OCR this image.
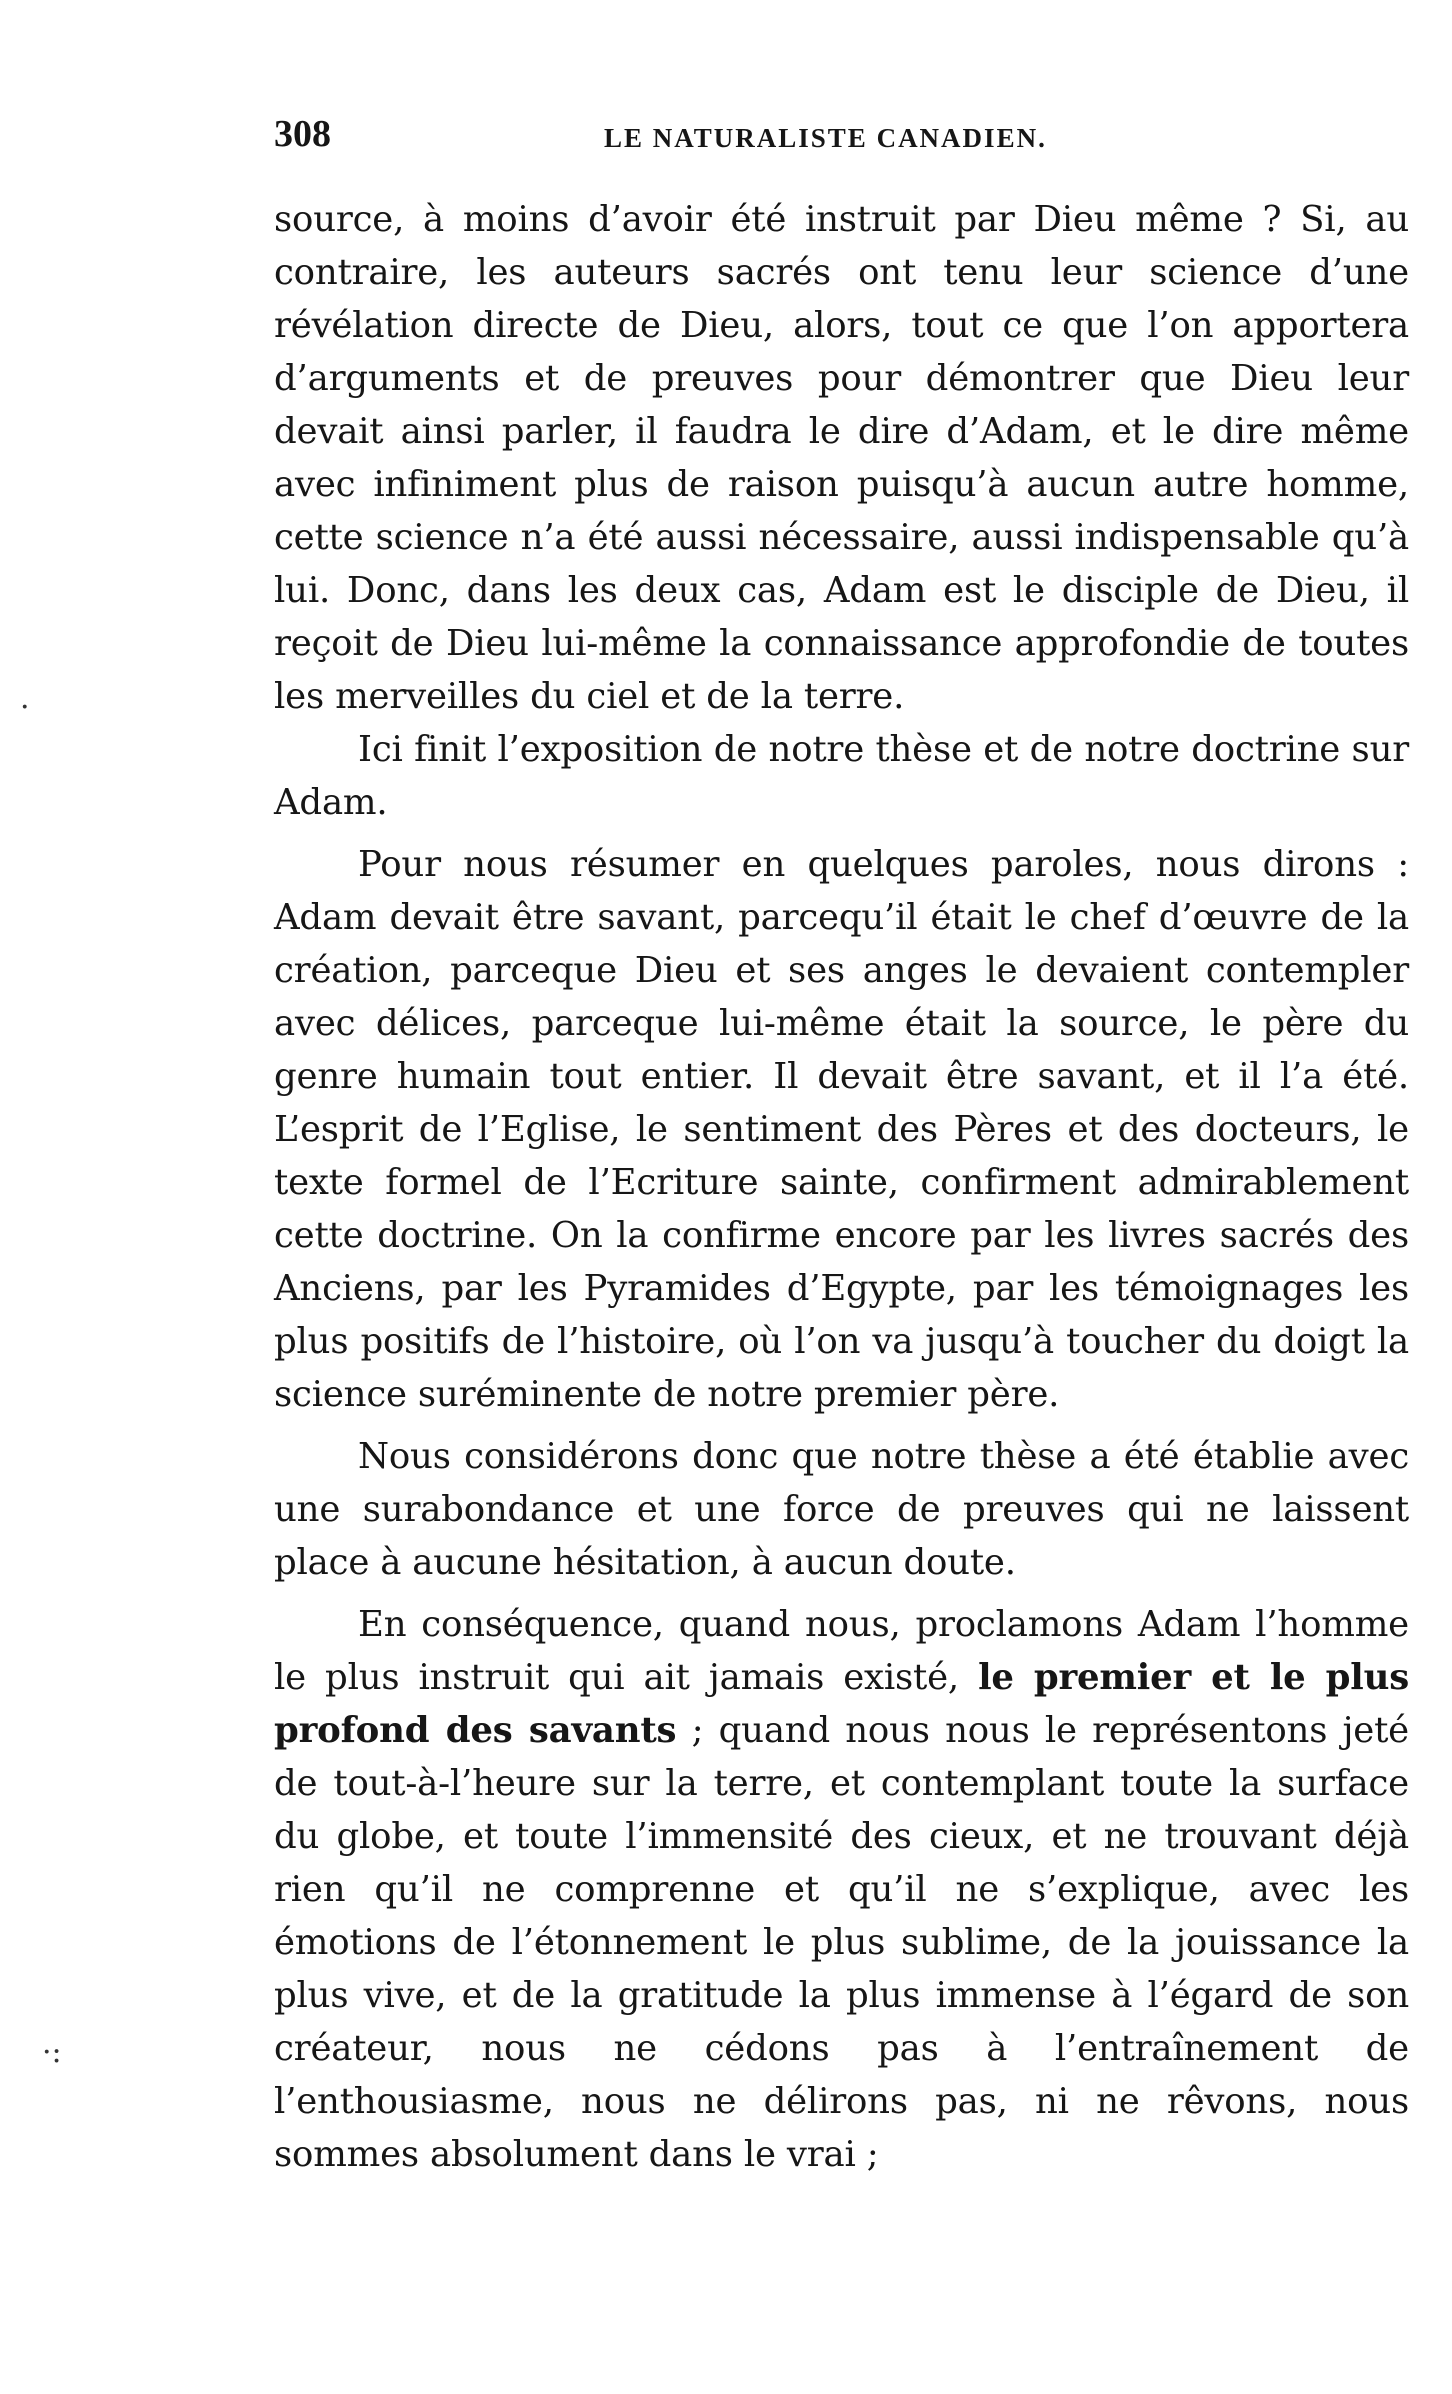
308	LE NATURALISTE CANADIEN.

source, à moins d’avoir été instruit par Dieu même ? Si, au contraire, les auteurs sacrés ont tenu leur science d’une révélation directe de Dieu, alors, tout ce que l’on apportera d’arguments et de preuves pour démontrer que Dieu leur devait ainsi parler, il faudra le dire d’Adam, et le dire même avec infiniment plus de raison puisqu’à aucun autre homme, cette science n’a été aussi nécessaire, aussi indispensable qu’à lui. Donc, dans les deux cas, Adam est le disciple de Dieu, il reçoit de Dieu lui-même la connaissance approfondie de toutes les merveilles du ciel et de la terre.

Ici finit l’exposition de notre thèse et de notre doctrine sur Adam.

Pour nous résumer en quelques paroles, nous dirons : Adam devait être savant, parcequ’il était le chef d’œuvre de la création, parceque Dieu et ses anges le devaient contempler avec délices, parceque lui-même était la source, le père du genre humain tout entier. Il devait être savant, et il l’a été. L’esprit de l’Eglise, le sentiment des Pères et des docteurs, le texte formel de l’Ecriture sainte, confirment admirablement cette doctrine. On la confirme encore par les livres sacrés des Anciens, par les Pyramides d’Egypte, par les témoignages les plus positifs de l’histoire, où l’on va jusqu’à toucher du doigt la science suréminente de notre premier père.

Nous considérons donc que notre thèse a été établie avec une surabondance et une force de preuves qui ne laissent place à aucune hésitation, à aucun doute.

En conséquence, quand nous, proclamons Adam l’homme le plus instruit qui ait jamais existé, le premier et le plus profond des savants ; quand nous nous le représentons jeté de tout-à-l’heure sur la terre, et contemplant toute la surface du globe, et toute l’immensité des cieux, et ne trouvant déjà rien qu’il ne comprenne et qu’il ne s’explique, avec les émotions de l’étonnement le plus sublime, de la jouissance la plus vive, et de la gratitude la plus immense à l’égard de son créateur, nous ne cédons pas à l’entraînement de l’enthousiasme, nous ne délirons pas, ni ne rêvons, nous sommes absolument dans le vrai ;

·
·:
